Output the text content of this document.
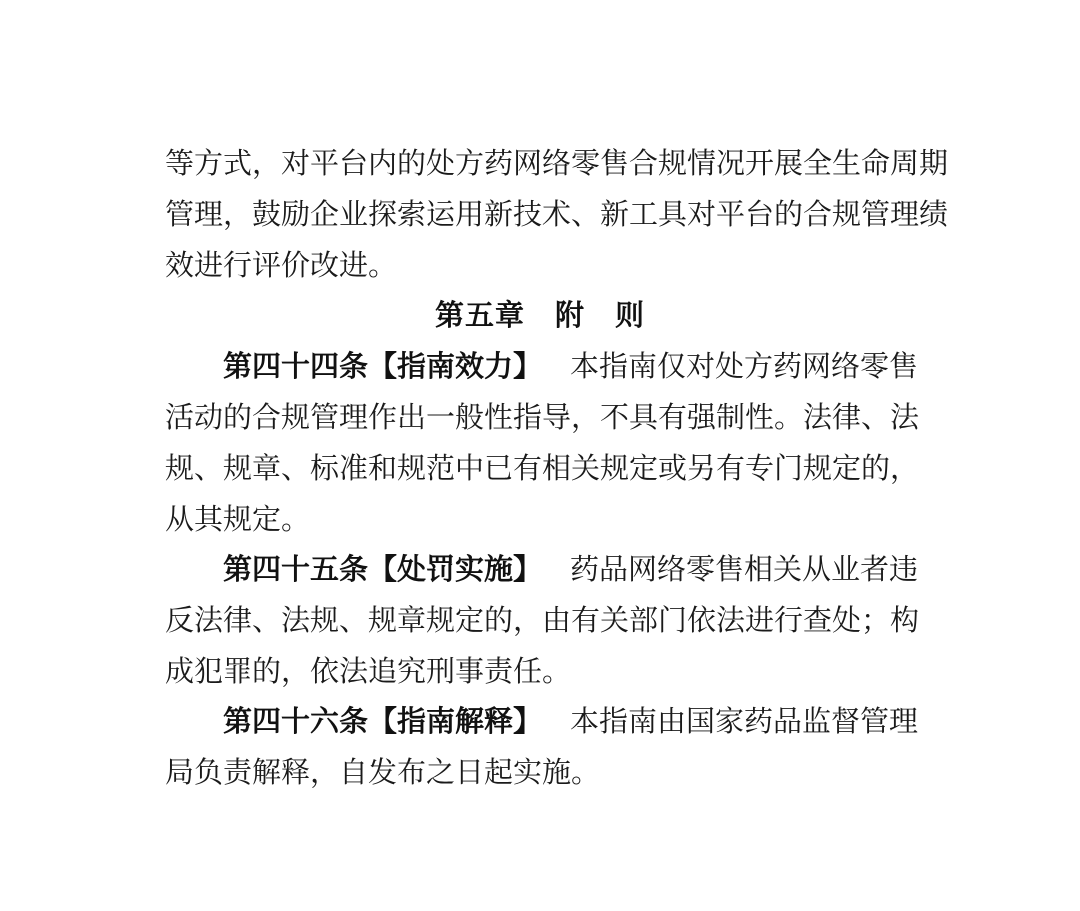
等方式，对平台内的处方药网络零售合规情况开展全生命周期
管理，鼓励企业探索运用新技术、新工具对平台的合规管理绩
效进行评价改进。
第五章　附　则
第四十四条【指南效力】 本指南仅对处方药网络零售
活动的合规管理作出一般性指导，不具有强制性。法律、法
规、规章、标准和规范中已有相关规定或另有专门规定的，
从其规定。
第四十五条【处罚实施】 药品网络零售相关从业者违
反法律、法规、规章规定的，由有关部门依法进行查处；构
成犯罪的，依法追究刑事责任。
第四十六条【指南解释】 本指南由国家药品监督管理
局负责解释，自发布之日起实施。
